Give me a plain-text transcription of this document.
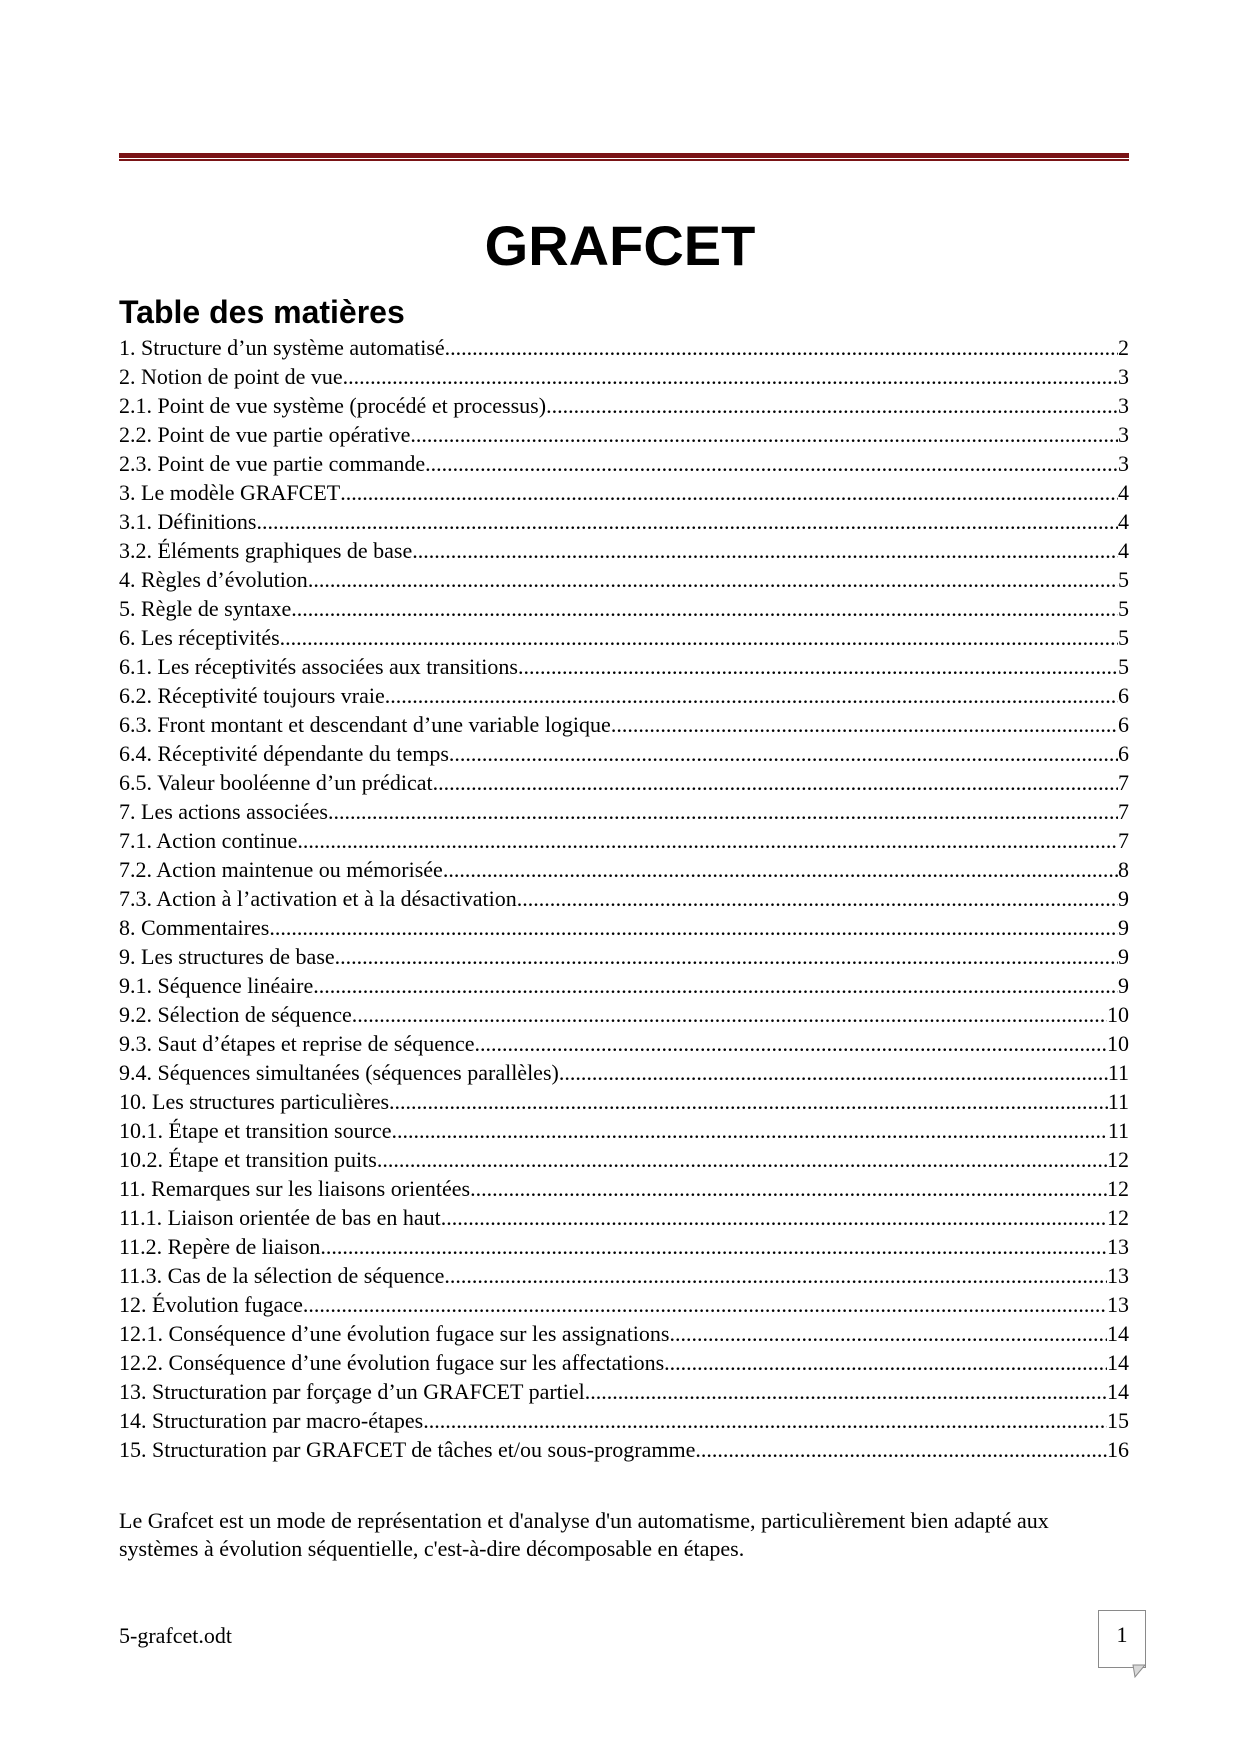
GRAFCET
Table des matières
1. Structure d’un système automatisé .....	2
2. Notion de point de vue .....	3
2.1. Point de vue système (procédé et processus) .....	3
2.2. Point de vue partie opérative .....	3
2.3. Point de vue partie commande .....	3
3. Le modèle GRAFCET .....	4
3.1. Définitions .....	4
3.2. Éléments graphiques de base .....	4
4. Règles d’évolution .....	5
5. Règle de syntaxe .....	5
6. Les réceptivités .....	5
6.1. Les réceptivités associées aux transitions .....	5
6.2. Réceptivité toujours vraie .....	6
6.3. Front montant et descendant d’une variable logique .....	6
6.4. Réceptivité dépendante du temps .....	6
6.5. Valeur booléenne d’un prédicat .....	7
7. Les actions associées .....	7
7.1. Action continue .....	7
7.2. Action maintenue ou mémorisée .....	8
7.3. Action à l’activation et à la désactivation .....	9
8. Commentaires .....	9
9. Les structures de base .....	9
9.1. Séquence linéaire .....	9
9.2. Sélection de séquence .....	10
9.3. Saut d’étapes et reprise de séquence .....	10
9.4. Séquences simultanées (séquences parallèles) .....	11
10. Les structures particulières .....	11
10.1. Étape et transition source .....	11
10.2. Étape et transition puits .....	12
11. Remarques sur les liaisons orientées .....	12
11.1. Liaison orientée de bas en haut .....	12
11.2. Repère de liaison .....	13
11.3. Cas de la sélection de séquence .....	13
12. Évolution fugace .....	13
12.1. Conséquence d’une évolution fugace sur les assignations .....	14
12.2. Conséquence d’une évolution fugace sur les affectations .....	14
13. Structuration par forçage d’un GRAFCET partiel .....	14
14. Structuration par macro-étapes .....	15
15. Structuration par GRAFCET de tâches et/ou sous-programme .....	16

Le Grafcet est un mode de représentation et d'analyse d'un automatisme, particulièrement bien adapté aux systèmes à évolution séquentielle, c'est-à-dire décomposable en étapes.

5-grafcet.odt	1
